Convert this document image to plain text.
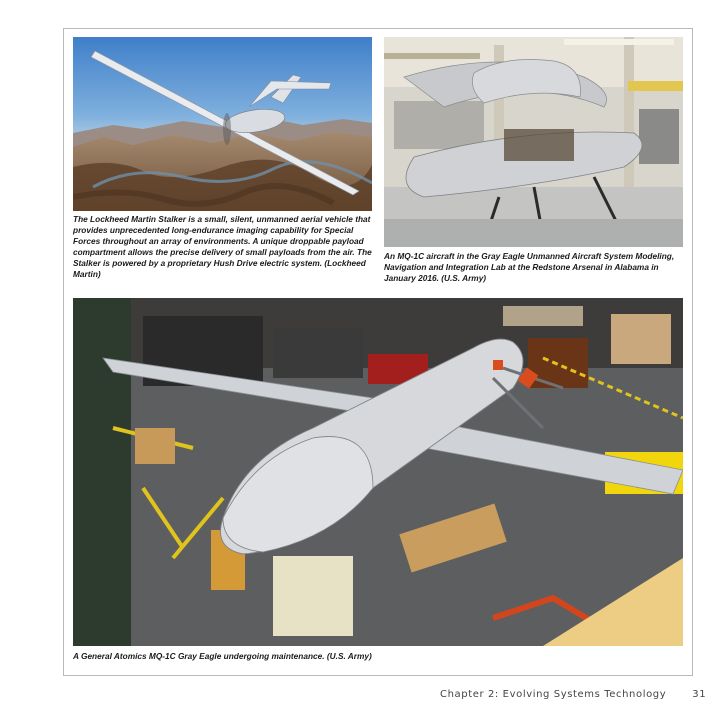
The Lockheed Martin Stalker is a small, silent, unmanned aerial vehicle that provides unprecedented long-endurance imaging capability for Special Forces throughout an array of environments. A unique droppable payload compartment allows the precise delivery of small payloads from the air. The Stalker is powered by a proprietary Hush Drive electric system. (Lockheed Martin)

An MQ-1C aircraft in the Gray Eagle Unmanned Aircraft System Modeling, Navigation and Integration Lab at the Redstone Arsenal in Alabama in January 2016. (U.S. Army)

A General Atomics MQ-1C Gray Eagle undergoing maintenance. (U.S. Army)

Chapter 2: Evolving Systems Technology	31
